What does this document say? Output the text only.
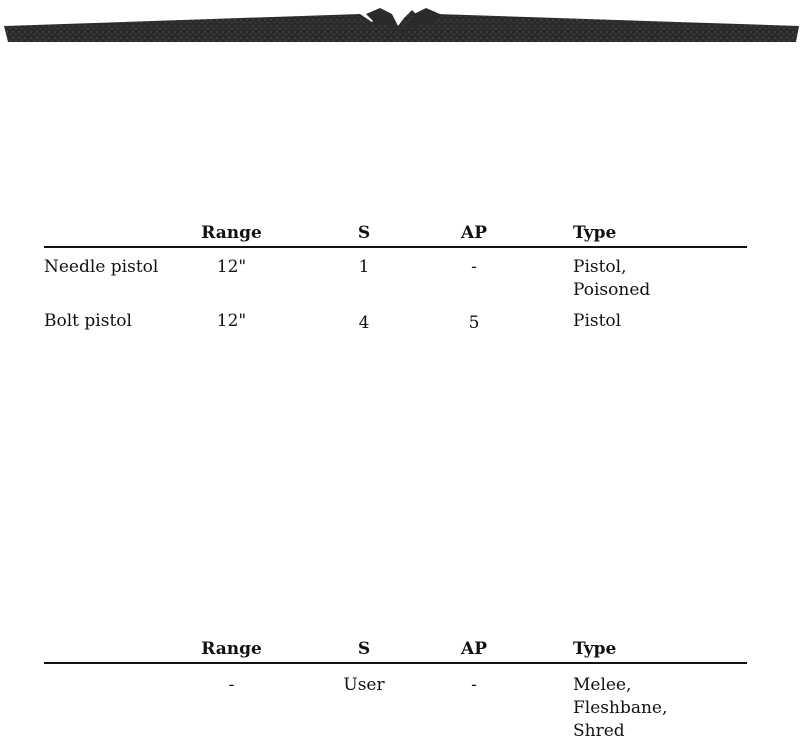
Range	S	AP	Type
Needle pistol	12"	1	-	Pistol,
Poisoned
Bolt pistol	12"	4	5	Pistol
Range	S	AP	Type
-	User	-	Melee,
Fleshbane,
Shred
